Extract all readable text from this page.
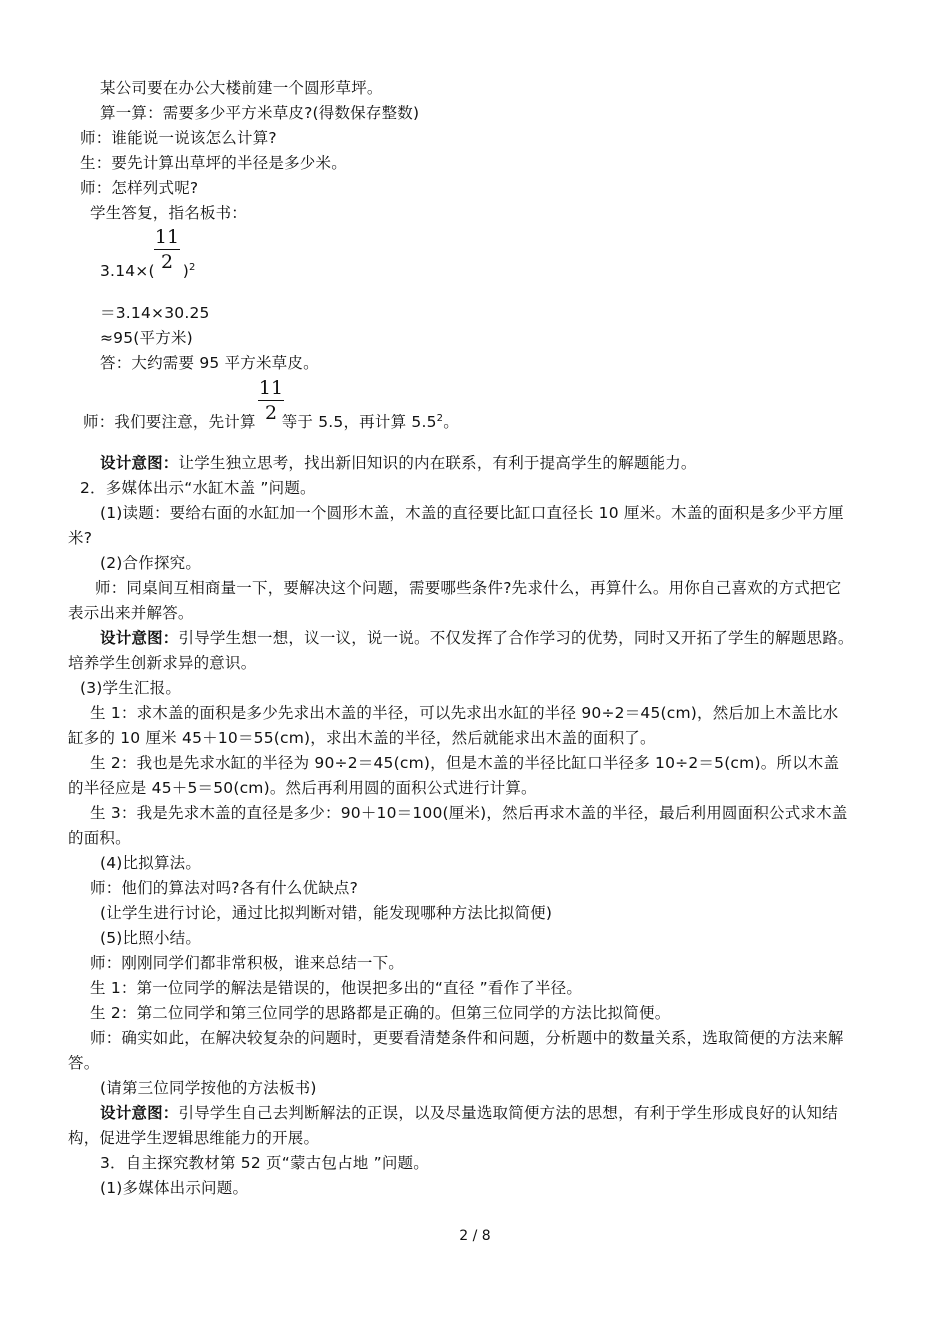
某公司要在办公大楼前建一个圆形草坪。
算一算：需要多少平方米草皮?(得数保存整数)
师：谁能说一说该怎么计算?
生：要先计算出草坪的半径是多少米。
师：怎样列式呢?
学生答复，指名板书：
3.14×( )$^2$
11
2
＝3.14×30.25
≈95(平方米)
答：大约需要 95 平方米草皮。
师：我们要注意，先计算 等于 5.5，再计算 $5.5^2$。
11
2
设计意图：让学生独立思考，找出新旧知识的内在联系，有利于提高学生的解题能力。
2．多媒体出示“水缸木盖 ”问题。
(1)读题：要给右面的水缸加一个圆形木盖，木盖的直径要比缸口直径长 10 厘米。木盖的面积是多少平方厘
米?
(2)合作探究。
师：同桌间互相商量一下，要解决这个问题，需要哪些条件?先求什么，再算什么。用你自己喜欢的方式把它
表示出来并解答。
设计意图：引导学生想一想，议一议，说一说。不仅发挥了合作学习的优势，同时又开拓了学生的解题思路。
培养学生创新求异的意识。
(3)学生汇报。
生 1：求木盖的面积是多少先求出木盖的半径，可以先求出水缸的半径 90÷2＝45(cm)，然后加上木盖比水
缸多的 10 厘米 45＋10＝55(cm)，求出木盖的半径，然后就能求出木盖的面积了。
生 2：我也是先求水缸的半径为 90÷2＝45(cm)，但是木盖的半径比缸口半径多 10÷2＝5(cm)。所以木盖
的半径应是 45＋5＝50(cm)。然后再利用圆的面积公式进行计算。
生 3：我是先求木盖的直径是多少：90＋10＝100(厘米)，然后再求木盖的半径，最后利用圆面积公式求木盖
的面积。
(4)比拟算法。
师：他们的算法对吗?各有什么优缺点?
(让学生进行讨论，通过比拟判断对错，能发现哪种方法比拟简便)
(5)比照小结。
师：刚刚同学们都非常积极，谁来总结一下。
生 1：第一位同学的解法是错误的，他误把多出的“直径 ”看作了半径。
生 2：第二位同学和第三位同学的思路都是正确的。但第三位同学的方法比拟简便。
师：确实如此，在解决较复杂的问题时，更要看清楚条件和问题，分析题中的数量关系，选取简便的方法来解
答。
(请第三位同学按他的方法板书)
设计意图：引导学生自己去判断解法的正误，以及尽量选取简便方法的思想，有利于学生形成良好的认知结
构，促进学生逻辑思维能力的开展。
3．自主探究教材第 52 页“蒙古包占地 ”问题。
(1)多媒体出示问题。
2 / 8
